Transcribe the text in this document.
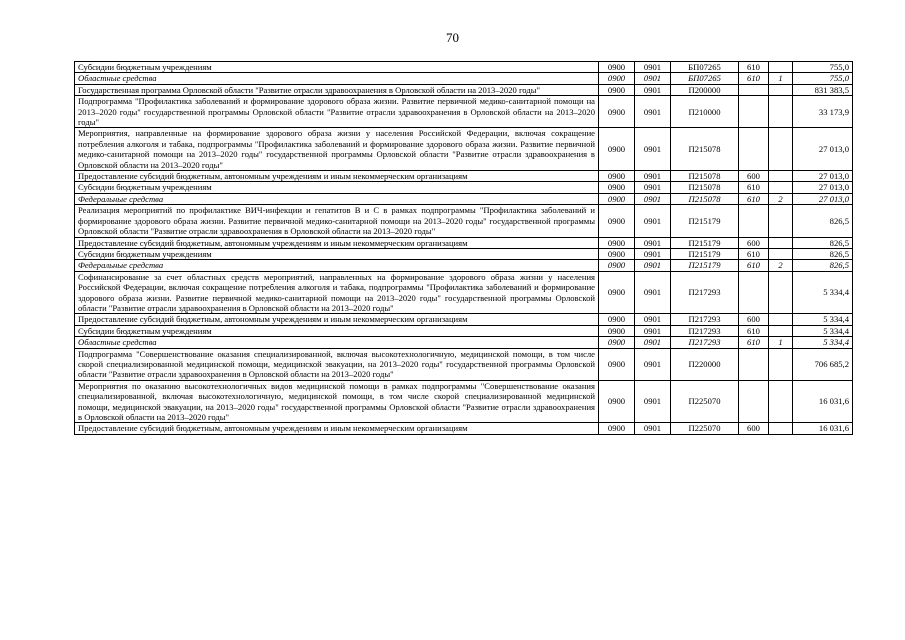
70
Субсидии бюджетным учреждениям	0900	0901	БП07265	610		755,0
Областные средства	0900	0901	БП07265	610	1	755,0
Государственная программа Орловской области "Развитие отрасли здравоохранения в Орловской области на 2013–2020 годы"	0900	0901	П200000			831 383,5
Подпрограмма "Профилактика заболеваний и формирование здорового образа жизни. Развитие первичной медико-санитарной помощи на 2013–2020 годы" государственной программы Орловской области "Развитие отрасли здравоохранения в Орловской области на 2013–2020 годы"	0900	0901	П210000			33 173,9
Мероприятия, направленные на формирование здорового образа жизни у населения Российской Федерации, включая сокращение потребления алкоголя и табака, подпрограммы "Профилактика заболеваний и формирование здорового образа жизни. Развитие первичной медико-санитарной помощи на 2013–2020 годы" государственной программы Орловской области "Развитие отрасли здравоохранения в Орловской области на 2013–2020 годы"	0900	0901	П215078			27 013,0
Предоставление субсидий бюджетным, автономным учреждениям и иным некоммерческим организациям	0900	0901	П215078	600		27 013,0
Субсидии бюджетным учреждениям	0900	0901	П215078	610		27 013,0
Федеральные средства	0900	0901	П215078	610	2	27 013,0
Реализация мероприятий по профилактике ВИЧ-инфекции и гепатитов В и С в рамках подпрограммы "Профилактика заболеваний и формирование здорового образа жизни. Развитие первичной медико-санитарной помощи на 2013–2020 годы" государственной программы Орловской области "Развитие отрасли здравоохранения в Орловской области на 2013–2020 годы"	0900	0901	П215179			826,5
Предоставление субсидий бюджетным, автономным учреждениям и иным некоммерческим организациям	0900	0901	П215179	600		826,5
Субсидии бюджетным учреждениям	0900	0901	П215179	610		826,5
Федеральные средства	0900	0901	П215179	610	2	826,5
Софинансирование за счет областных средств мероприятий, направленных на формирование здорового образа жизни у населения Российской Федерации, включая сокращение потребления алкоголя и табака, подпрограммы "Профилактика заболеваний и формирование здорового образа жизни. Развитие первичной медико-санитарной помощи на 2013–2020 годы" государственной программы Орловской области "Развитие отрасли здравоохранения в Орловской области на 2013–2020 годы"	0900	0901	П217293			5 334,4
Предоставление субсидий бюджетным, автономным учреждениям и иным некоммерческим организациям	0900	0901	П217293	600		5 334,4
Субсидии бюджетным учреждениям	0900	0901	П217293	610		5 334,4
Областные средства	0900	0901	П217293	610	1	5 334,4
Подпрограмма "Совершенствование оказания специализированной, включая высокотехнологичную, медицинской помощи, в том числе скорой специализированной медицинской помощи, медицинской эвакуации, на 2013–2020 годы" государственной программы Орловской области "Развитие отрасли здравоохранения в Орловской области на 2013–2020 годы"	0900	0901	П220000			706 685,2
Мероприятия по оказанию высокотехнологичных видов медицинской помощи в рамках подпрограммы "Совершенствование оказания специализированной, включая высокотехнологичную, медицинской помощи, в том числе скорой специализированной медицинской помощи, медицинской эвакуации, на 2013–2020 годы" государственной программы Орловской области "Развитие отрасли здравоохранения в Орловской области на 2013–2020 годы"	0900	0901	П225070			16 031,6
Предоставление субсидий бюджетным, автономным учреждениям и иным некоммерческим организациям	0900	0901	П225070	600		16 031,6
